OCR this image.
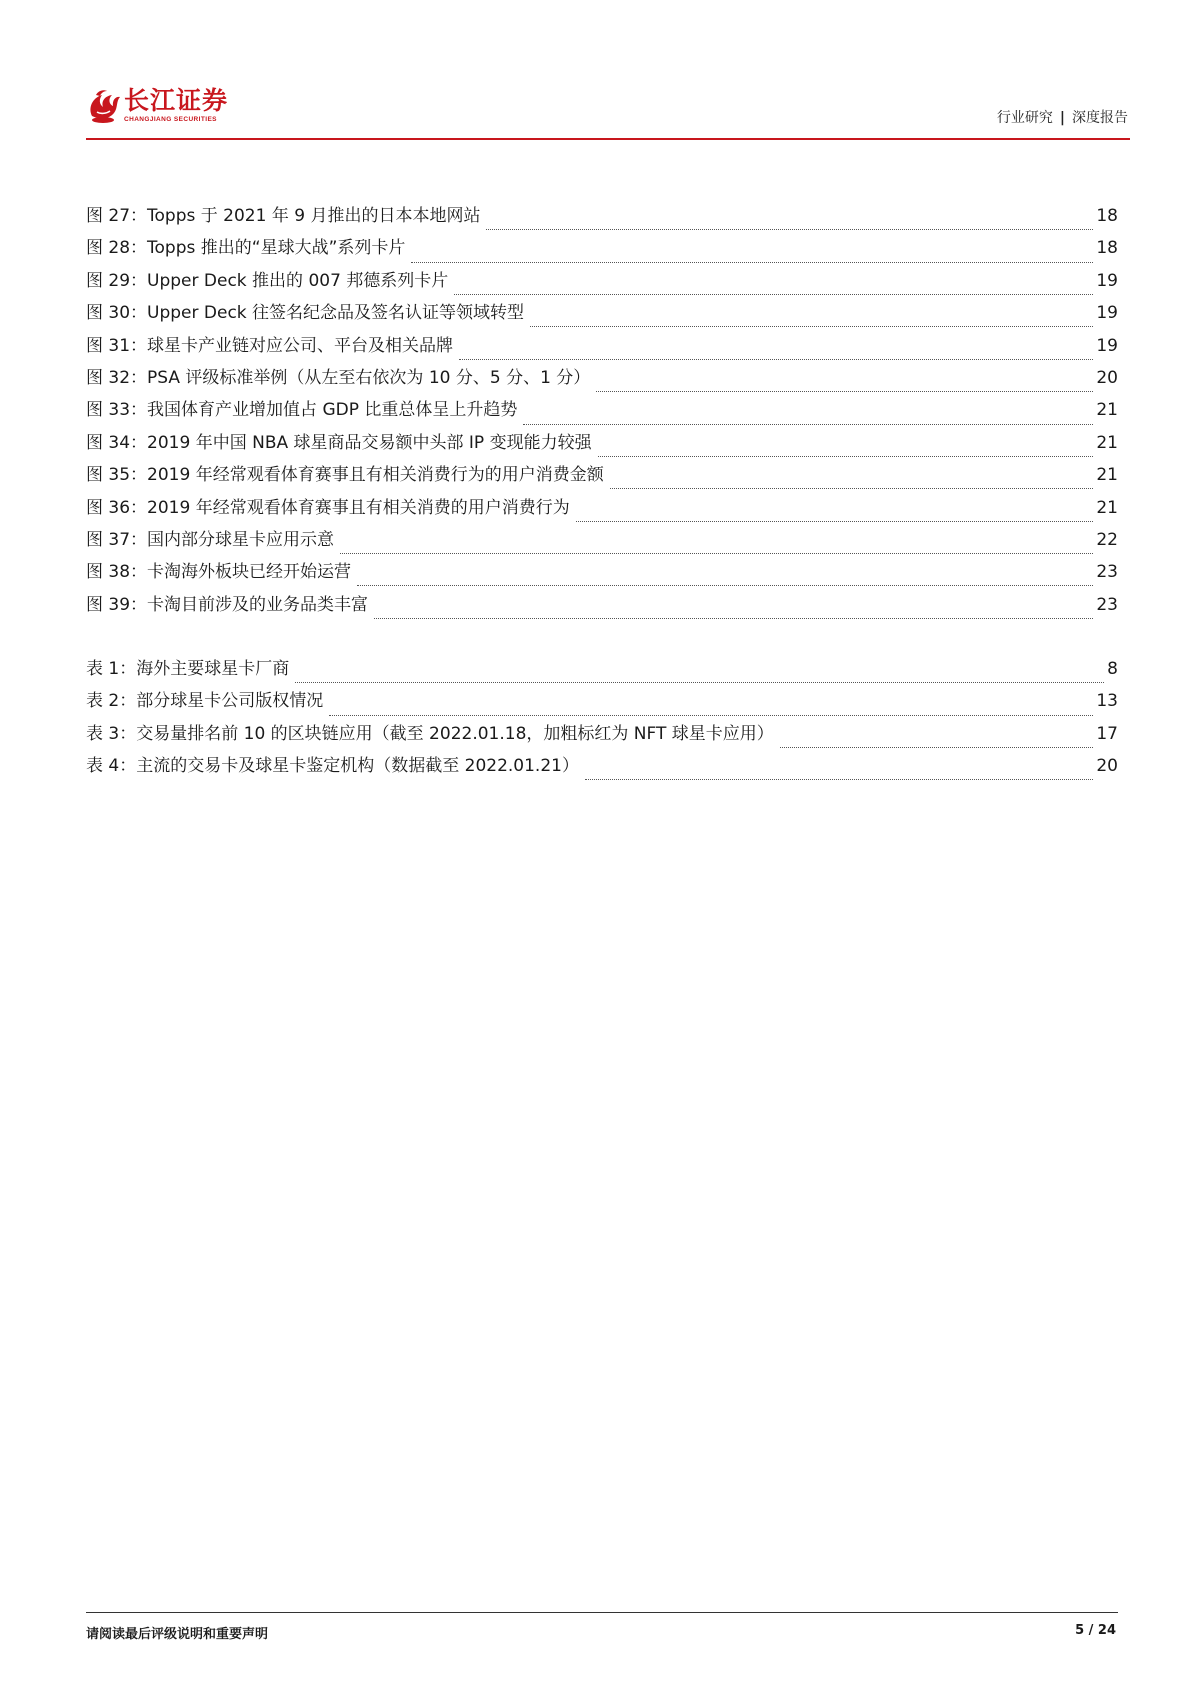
长江证券
CHANGJIANG SECURITIES	行业研究 | 深度报告
图 27：Topps 于 2021 年 9 月推出的日本本地网站	18
图 28：Topps 推出的“星球大战”系列卡片	18
图 29：Upper Deck 推出的 007 邦德系列卡片	19
图 30：Upper Deck 往签名纪念品及签名认证等领域转型	19
图 31：球星卡产业链对应公司、平台及相关品牌	19
图 32：PSA 评级标准举例（从左至右依次为 10 分、5 分、1 分）	20
图 33：我国体育产业增加值占 GDP 比重总体呈上升趋势	21
图 34：2019 年中国 NBA 球星商品交易额中头部 IP 变现能力较强	21
图 35：2019 年经常观看体育赛事且有相关消费行为的用户消费金额	21
图 36：2019 年经常观看体育赛事且有相关消费的用户消费行为	21
图 37：国内部分球星卡应用示意	22
图 38：卡淘海外板块已经开始运营	23
图 39：卡淘目前涉及的业务品类丰富	23
表 1：海外主要球星卡厂商	8
表 2：部分球星卡公司版权情况	13
表 3：交易量排名前 10 的区块链应用（截至 2022.01.18，加粗标红为 NFT 球星卡应用）	17
表 4：主流的交易卡及球星卡鉴定机构（数据截至 2022.01.21）	20
请阅读最后评级说明和重要声明	5 / 24
